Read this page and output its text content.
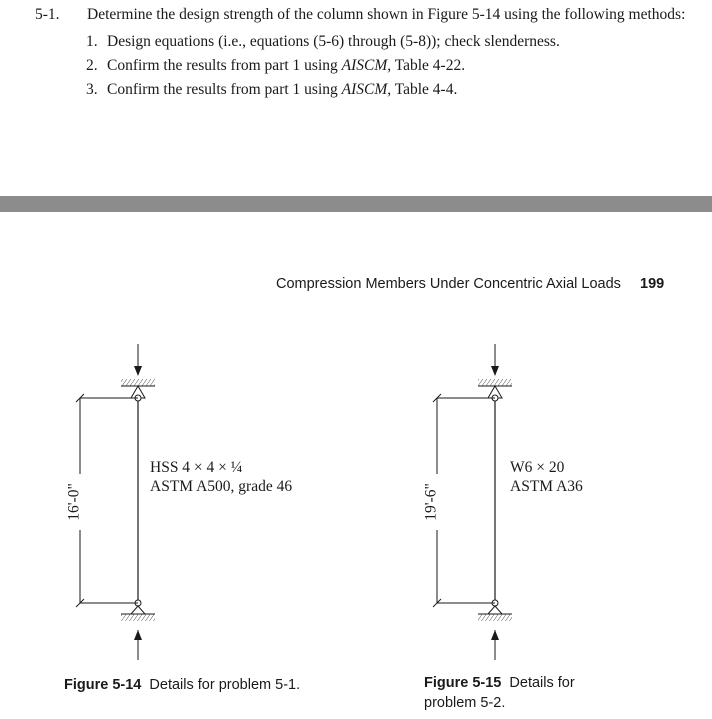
5-1. Determine the design strength of the column shown in Figure 5-14 using the following methods:
1. Design equations (i.e., equations (5-6) through (5-8)); check slenderness.
2. Confirm the results from part 1 using AISCM, Table 4-22.
3. Confirm the results from part 1 using AISCM, Table 4-4.
Compression Members Under Concentric Axial Loads 199
16'-0"
HSS 4 × 4 × ¼
ASTM A500, grade 46	19'-6"
W6 × 20
ASTM A36
Figure 5-14 Details for problem 5-1.	Figure 5-15 Details for
problem 5-2.
